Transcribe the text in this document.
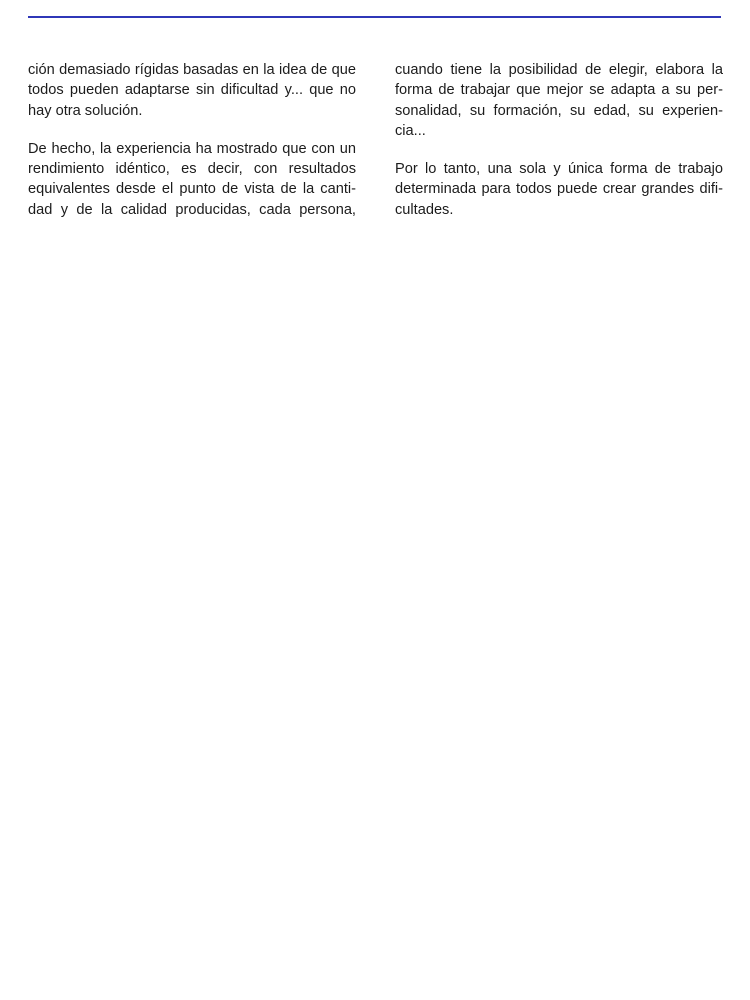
ción demasiado rígidas basadas en la idea de que
todos pueden adaptarse sin dificultad y... que no
hay otra solución.

De hecho, la experiencia ha mostrado que con un
rendimiento idéntico, es decir, con resultados
equivalentes desde el punto de vista de la canti-
dad y de la calidad producidas, cada persona,

cuando tiene la posibilidad de elegir, elabora la
forma de trabajar que mejor se adapta a su per-
sonalidad, su formación, su edad, su experien-
cia...

Por lo tanto, una sola y única forma de trabajo
determinada para todos puede crear grandes difi-
cultades.
